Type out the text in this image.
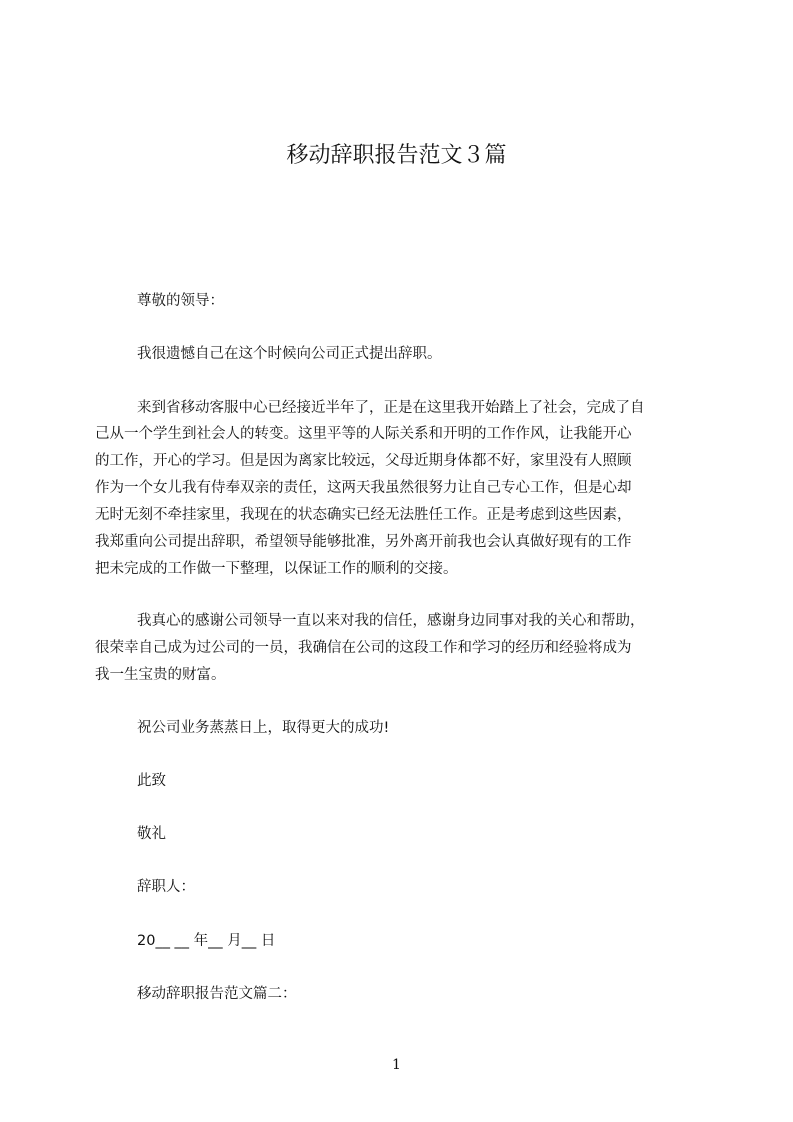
移动辞职报告范文３篇
尊敬的领导：
我很遗憾自己在这个时候向公司正式提出辞职。
来到省移动客服中心已经接近半年了，正是在这里我开始踏上了社会，完成了自
己从一个学生到社会人的转变。这里平等的人际关系和开明的工作作风，让我能开心
的工作，开心的学习。但是因为离家比较远，父母近期身体都不好，家里没有人照顾
作为一个女儿我有侍奉双亲的责任，这两天我虽然很努力让自己专心工作，但是心却
无时无刻不牵挂家里，我现在的状态确实已经无法胜任工作。正是考虑到这些因素，
我郑重向公司提出辞职，希望领导能够批准，另外离开前我也会认真做好现有的工作
把未完成的工作做一下整理，以保证工作的顺利的交接。
我真心的感谢公司领导一直以来对我的信任，感谢身边同事对我的关心和帮助，
很荣幸自己成为过公司的一员，我确信在公司的这段工作和学习的经历和经验将成为
我一生宝贵的财富。
祝公司业务蒸蒸日上，取得更大的成功!
此致
敬礼
辞职人：
20__ __ 年__ 月__ 日
移动辞职报告范文篇二：
1
